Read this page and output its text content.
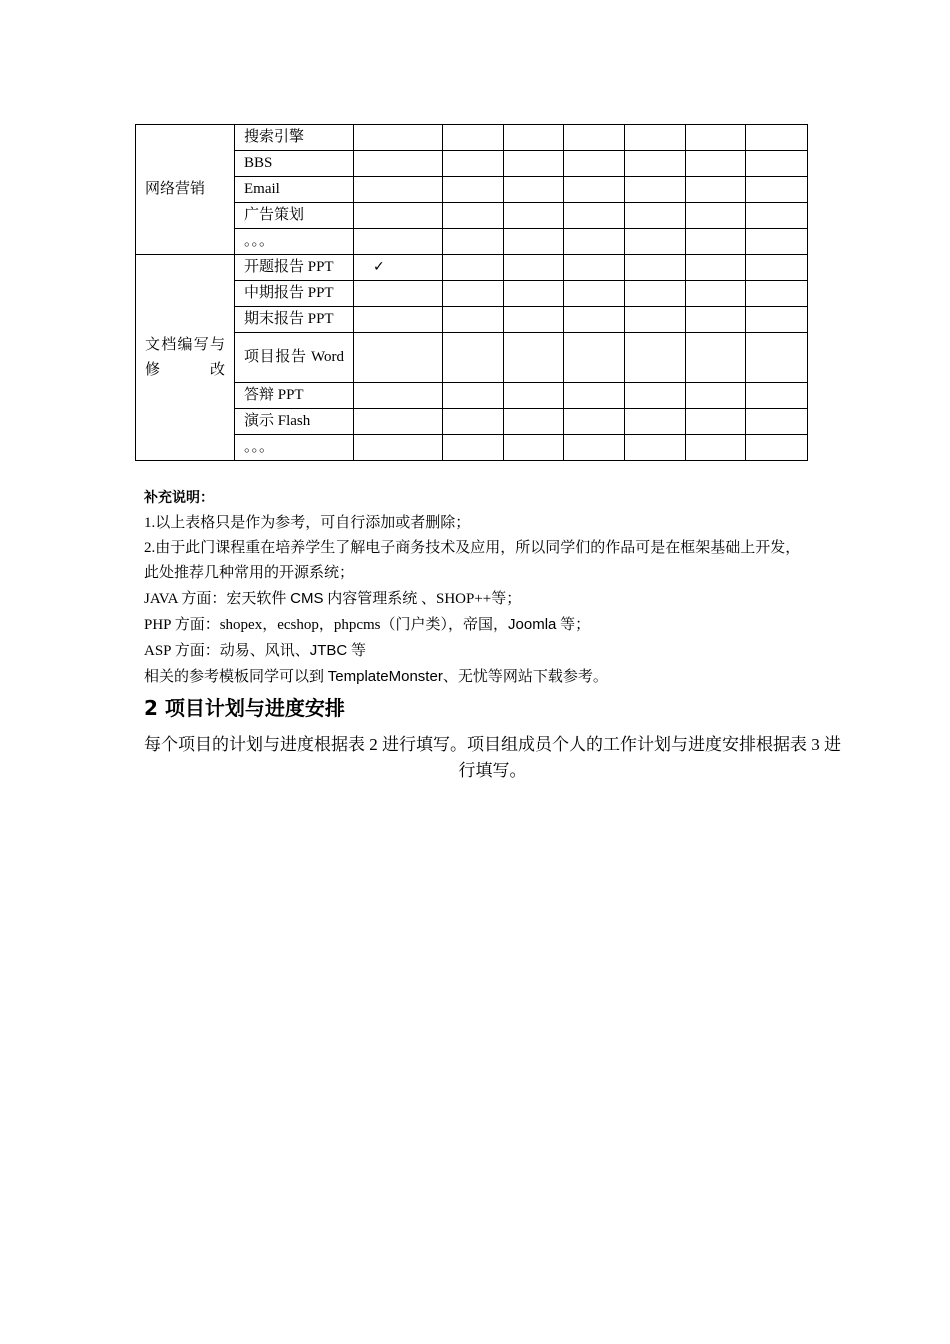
网络营销	搜索引擎							
	BBS							
	Email							
	广告策划							
	。。。							
文档编写与修改	开题报告 PPT	✓						
	中期报告 PPT							
	期末报告 PPT							
	项目报告 Word							
	答辩 PPT							
	演示 Flash							
	。。。							

补充说明：

1.以上表格只是作为参考，可自行添加或者删除；

2.由于此门课程重在培养学生了解电子商务技术及应用，所以同学们的作品可是在框架基础上开发，此处推荐几种常用的开源系统；

JAVA 方面：宏天软件 CMS 内容管理系统 、SHOP++等；

PHP 方面：shopex，ecshop，phpcms（门户类），帝国，Joomla 等；

ASP 方面：动易、风讯、JTBC 等

相关的参考模板同学可以到 TemplateMonster、无忧等网站下载参考。

2 项目计划与进度安排

每个项目的计划与进度根据表 2 进行填写。项目组成员个人的工作计划与进度安排根据表 3 进行填写。
